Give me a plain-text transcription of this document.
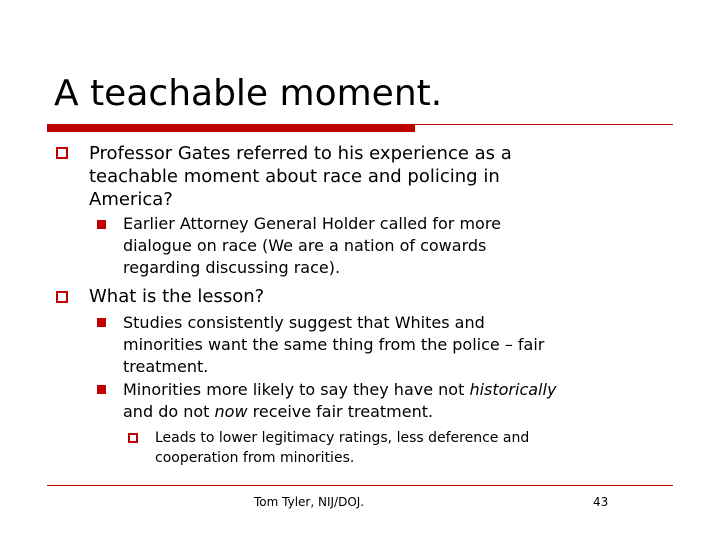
A teachable moment.
Professor Gates referred to his experience as a
teachable moment about race and policing in
America?
Earlier Attorney General Holder called for more
dialogue on race (We are a nation of cowards
regarding discussing race).
What is the lesson?
Studies consistently suggest that Whites and
minorities want the same thing from the police – fair
treatment.
Minorities more likely to say they have not historically
and do not now receive fair treatment.
Leads to lower legitimacy ratings, less deference and
cooperation from minorities.
Tom Tyler, NIJ/DOJ.	43
